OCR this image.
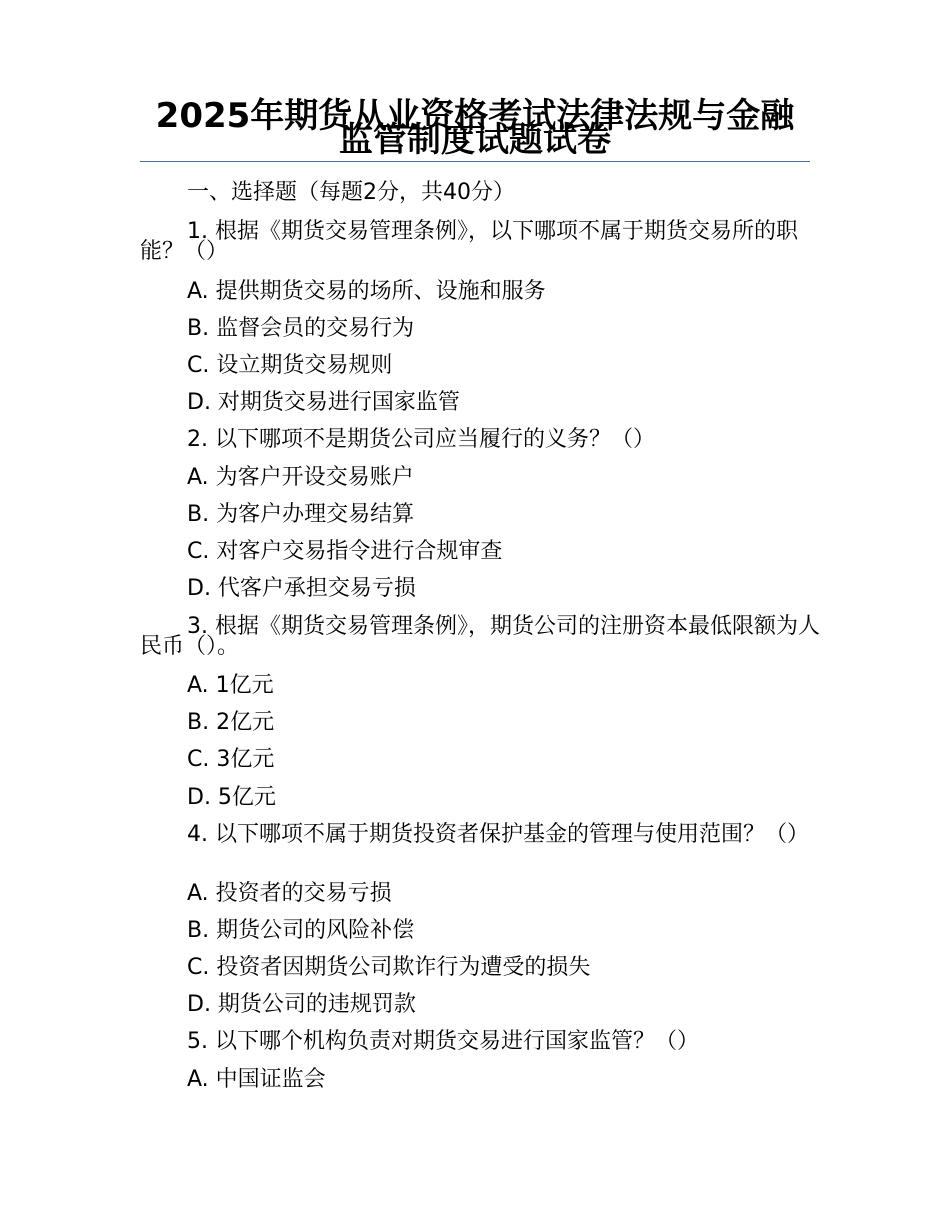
2025年期货从业资格考试法律法规与金融监管制度试题试卷
一、选择题（每题2分，共40分）
1. 根据《期货交易管理条例》，以下哪项不属于期货交易所的职能？（）
A. 提供期货交易的场所、设施和服务
B. 监督会员的交易行为
C. 设立期货交易规则
D. 对期货交易进行国家监管
2. 以下哪项不是期货公司应当履行的义务？（）
A. 为客户开设交易账户
B. 为客户办理交易结算
C. 对客户交易指令进行合规审查
D. 代客户承担交易亏损
3. 根据《期货交易管理条例》，期货公司的注册资本最低限额为人民币（）。
A. 1亿元
B. 2亿元
C. 3亿元
D. 5亿元
4. 以下哪项不属于期货投资者保护基金的管理与使用范围？（）
A. 投资者的交易亏损
B. 期货公司的风险补偿
C. 投资者因期货公司欺诈行为遭受的损失
D. 期货公司的违规罚款
5. 以下哪个机构负责对期货交易进行国家监管？（）
A. 中国证监会
